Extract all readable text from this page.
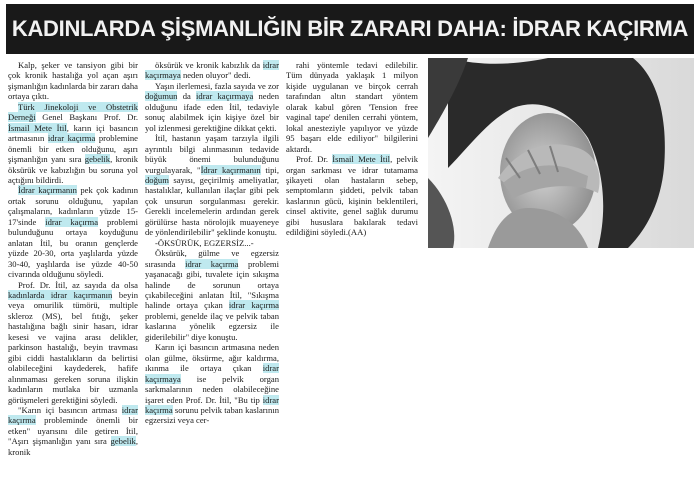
KADINLARDA ŞİŞMANLIĞIN BİR ZARARI DAHA: İDRAR KAÇIRMA

Kalp, şeker ve tansiyon gibi bir çok kronik hastalığa yol açan aşırı şişmanlığın kadınlarda bir zararı daha ortaya çıktı.

Türk Jinekoloji ve Obstetrik Derneği Genel Başkanı Prof. Dr. İsmail Mete İtil, karın içi basıncın artmasının idrar kaçırma problemine önemli bir etken olduğunu, aşırı şişmanlığın yanı sıra gebelik, kronik öksürük ve kabızlığın bu soruna yol açtığını bildirdi.

İdrar kaçırmanın pek çok kadının ortak sorunu olduğunu, yapılan çalışmaların, kadınların yüzde 15-17'sinde idrar kaçırma problemi bulunduğunu ortaya koyduğunu anlatan İtil, bu oranın gençlerde yüzde 20-30, orta yaşlılarda yüzde 30-40, yaşlılarda ise yüzde 40-50 civarında olduğunu söyledi.

Prof. Dr. İtil, az sayıda da olsa kadınlarda idrar kaçırmanın beyin veya omurilik tümörü, multiple skleroz (MS), bel fıtığı, şeker hastalığına bağlı sinir hasarı, idrar kesesi ve vajina arası delikler, parkinson hastalığı, beyin travması gibi ciddi hastalıkların da belirtisi olabileceğini kaydederek, hafife alınmaması gereken soruna ilişkin kadınların mutlaka bir uzmanla görüşmeleri gerektiğini söyledi.

"Karın içi basıncın artması idrar kaçırma probleminde önemli bir etken" uyarısını dile getiren İtil, "Aşırı şişmanlığın yanı sıra gebelik, kronik

öksürük ve kronik kabızlık da idrar kaçırmaya neden oluyor" dedi.

Yaşın ilerlemesi, fazla sayıda ve zor doğumun da idrar kaçırmaya neden olduğunu ifade eden İtil, tedaviyle sonuç alabilmek için kişiye özel bir yol izlenmesi gerektiğine dikkat çekti.

İtil, hastanın yaşam tarzıyla ilgili ayrıntılı bilgi alınmasının tedavide büyük önemi bulunduğunu vurgulayarak, "İdrar kaçırmanın tipi, doğum sayısı, geçirilmiş ameliyatlar, hastalıklar, kullanılan ilaçlar gibi pek çok unsurun sorgulanması gerekir. Gerekli incelemelerin ardından gerek görülürse hasta nörolojik muayeneye de yönlendirilebilir" şeklinde konuştu.

-ÖKSÜRÜK, EGZERSİZ...-

Öksürük, gülme ve egzersiz sırasında idrar kaçırma problemi yaşanacağı gibi, tuvalete için sıkışma halinde de sorunun ortaya çıkabileceğini anlatan İtil, "Sıkışma halinde ortaya çıkan idrar kaçırma problemi, genelde ilaç ve pelvik taban kaslarına yönelik egzersiz ile giderilebilir" diye konuştu.

Karın içi basıncın artmasına neden olan gülme, öksürme, ağır kaldırma, ıkınma ile ortaya çıkan idrar kaçırmaya ise pelvik organ sarkmalarının neden olabileceğine işaret eden Prof. Dr. İtil, "Bu tip idrar kaçırma sorunu pelvik taban kaslarının egzersizi veya cer-

rahi yöntemle tedavi edilebilir. Tüm dünyada yaklaşık 1 milyon kişide uygulanan ve birçok cerrah tarafından altın standart yöntem olarak kabul gören 'Tension free vaginal tape' denilen cerrahi yöntem, lokal anesteziyle yapılıyor ve yüzde 95 başarı elde ediliyor" bilgilerini aktardı.

Prof. Dr. İsmail Mete İtil, pelvik organ sarkması ve idrar tutamama şikayeti olan hastaların sebep, semptomların şiddeti, pelvik taban kaslarının gücü, kişinin beklentileri, cinsel aktivite, genel sağlık durumu gibi hususlara bakılarak tedavi edildiğini söyledi.(AA)
